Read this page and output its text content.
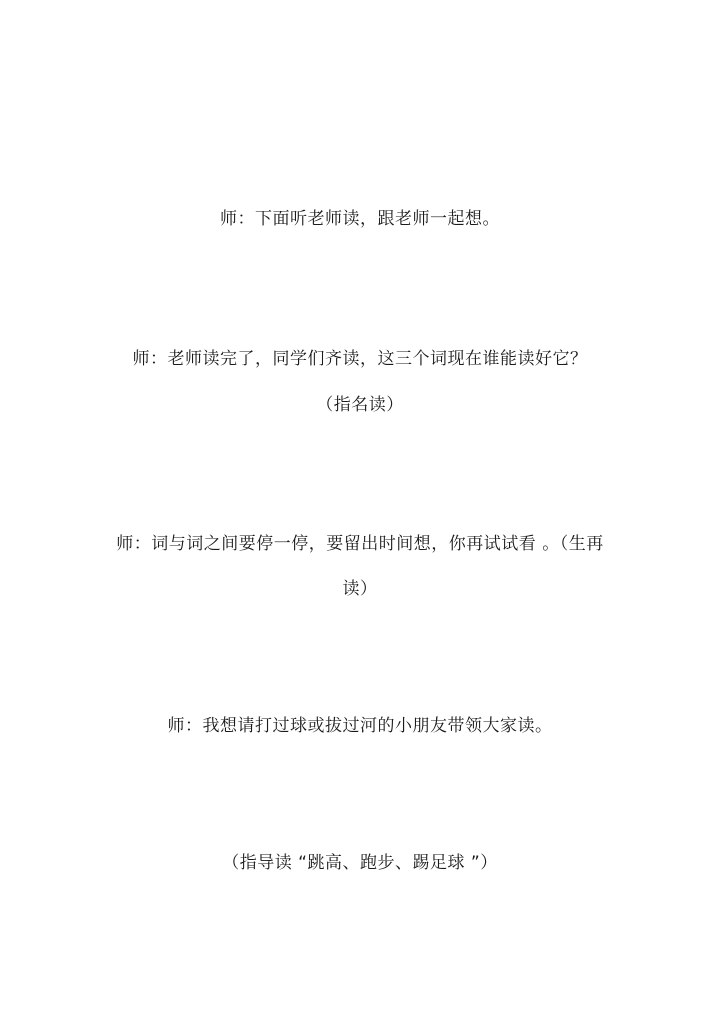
师：下面听老师读，跟老师一起想。

师：老师读完了，同学们齐读，这三个词现在谁能读好它？

（指名读）

师：词与词之间要停一停，要留出时间想，你再试试看 。（生再

读）

师：我想请打过球或拔过河的小朋友带领大家读。

（指导读 “跳高、跑步、踢足球 ”）
